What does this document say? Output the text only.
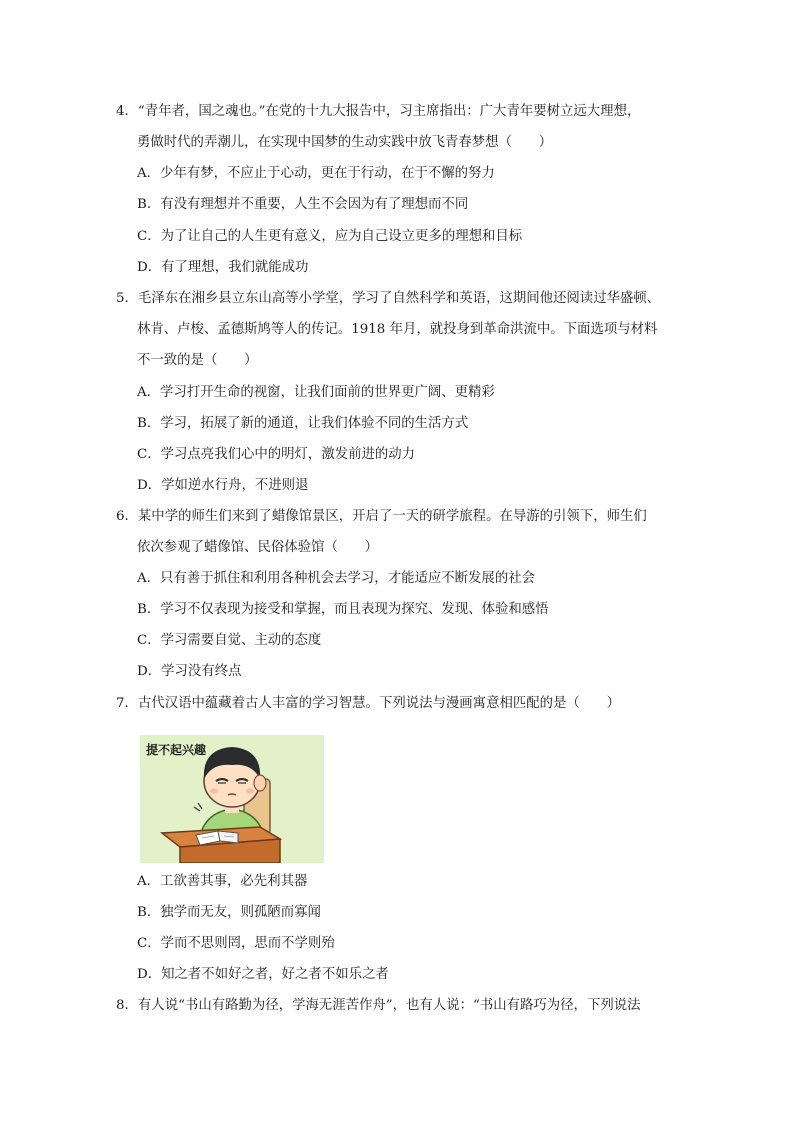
4．“青年者，国之魂也。”在党的十九大报告中，习主席指出：广大青年要树立远大理想，
勇做时代的弄潮儿，在实现中国梦的生动实践中放飞青春梦想（　　）
A．少年有梦，不应止于心动，更在于行动，在于不懈的努力
B．有没有理想并不重要，人生不会因为有了理想而不同
C．为了让自己的人生更有意义，应为自己设立更多的理想和目标
D．有了理想，我们就能成功
5．毛泽东在湘乡县立东山高等小学堂，学习了自然科学和英语，这期间他还阅读过华盛顿、
林肯、卢梭、孟德斯鸠等人的传记。1918 年月，就投身到革命洪流中。下面选项与材料
不一致的是（　　）
A．学习打开生命的视窗，让我们面前的世界更广阔、更精彩
B．学习，拓展了新的通道，让我们体验不同的生活方式
C．学习点亮我们心中的明灯，激发前进的动力
D．学如逆水行舟，不进则退
6．某中学的师生们来到了蜡像馆景区，开启了一天的研学旅程。在导游的引领下，师生们
依次参观了蜡像馆、民俗体验馆（　　）
A．只有善于抓住和利用各种机会去学习，才能适应不断发展的社会
B．学习不仅表现为接受和掌握，而且表现为探究、发现、体验和感悟
C．学习需要自觉、主动的态度
D．学习没有终点
7．古代汉语中蕴藏着古人丰富的学习智慧。下列说法与漫画寓意相匹配的是（　　）
提不起兴趣
A．工欲善其事，必先利其器
B．独学而无友，则孤陋而寡闻
C．学而不思则罔，思而不学则殆
D．知之者不如好之者，好之者不如乐之者
8．有人说“书山有路勤为径，学海无涯苦作舟”，也有人说：“书山有路巧为径，下列说法
